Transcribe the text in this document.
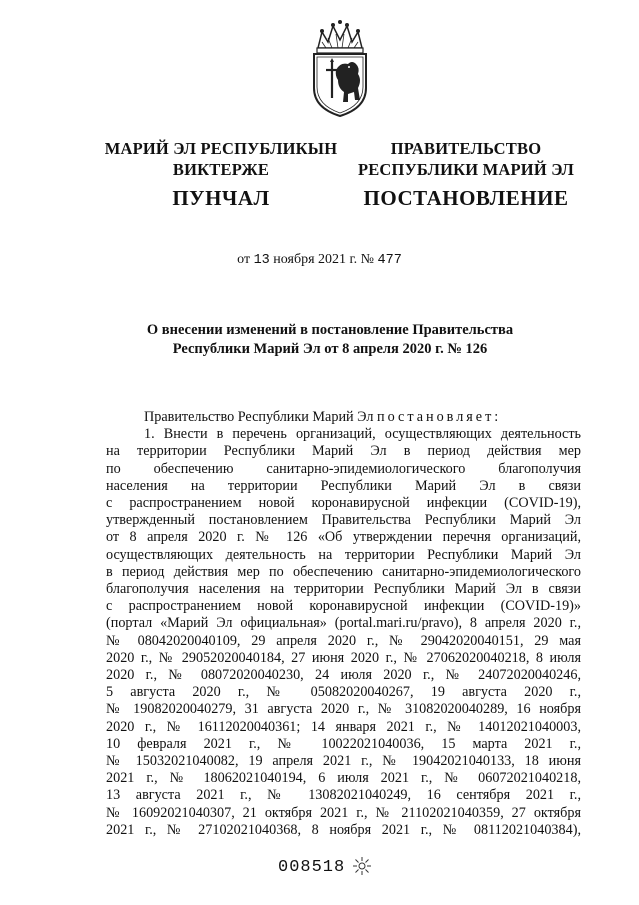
МАРИЙ ЭЛ РЕСПУБЛИКЫН
ВИКТЕРЖЕ
ПУНЧАЛ
ПРАВИТЕЛЬСТВО
РЕСПУБЛИКИ МАРИЙ ЭЛ
ПОСТАНОВЛЕНИЕ
от 13 ноября 2021 г. № 477
О внесении изменений в постановление Правительства
Республики Марий Эл от 8 апреля 2020 г. № 126
Правительство Республики Марий Эл постановляет:
1. Внести в перечень организаций, осуществляющих деятельность
на территории Республики Марий Эл в период действия мер
по обеспечению санитарно-эпидемиологического благополучия
населения на территории Республики Марий Эл в связи
с распространением новой коронавирусной инфекции (COVID-19),
утвержденный постановлением Правительства Республики Марий Эл
от 8 апреля 2020 г. № 126 «Об утверждении перечня организаций,
осуществляющих деятельность на территории Республики Марий Эл
в период действия мер по обеспечению санитарно-эпидемиологического
благополучия населения на территории Республики Марий Эл в связи
с распространением новой коронавирусной инфекции (COVID-19)»
(портал «Марий Эл официальная» (portal.mari.ru/pravo), 8 апреля 2020 г.,
№ 08042020040109, 29 апреля 2020 г., № 29042020040151, 29 мая
2020 г., № 29052020040184, 27 июня 2020 г., № 27062020040218, 8 июля
2020 г., № 08072020040230, 24 июля 2020 г., № 24072020040246,
5 августа 2020 г., № 05082020040267, 19 августа 2020 г.,
№ 19082020040279, 31 августа 2020 г., № 31082020040289, 16 ноября
2020 г., № 16112020040361; 14 января 2021 г., № 14012021040003,
10 февраля 2021 г., № 10022021040036, 15 марта 2021 г.,
№ 15032021040082, 19 апреля 2021 г., № 19042021040133, 18 июня
2021 г., № 18062021040194, 6 июля 2021 г., № 06072021040218,
13 августа 2021 г., № 13082021040249, 16 сентября 2021 г.,
№ 16092021040307, 21 октября 2021 г., № 21102021040359, 27 октября
2021 г., № 27102021040368, 8 ноября 2021 г., № 08112021040384),
008518
